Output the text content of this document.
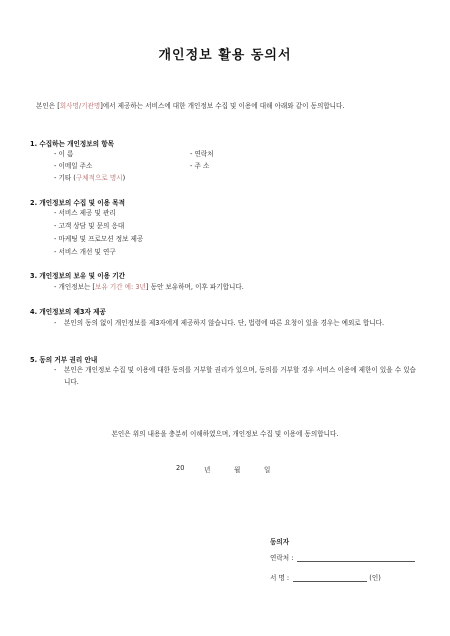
개인정보 활용 동의서
본인은 [회사명/기관명]에서 제공하는 서비스에 대한 개인정보 수집 및 이용에 대해 아래와 같이 동의합니다.
1. 수집하는 개인정보의 항목
- 이 름	- 연락처
- 이메일 주소	- 주 소
- 기타 (구체적으로 명시)
2. 개인정보의 수집 및 이용 목적
- 서비스 제공 및 관리
- 고객 상담 및 문의 응대
- 마케팅 및 프로모션 정보 제공
- 서비스 개선 및 연구
3. 개인정보의 보유 및 이용 기간
- 개인정보는 [보유 기간 예: 3년] 동안 보유하며, 이후 파기합니다.
4. 개인정보의 제3자 제공
- 본인의 동의 없이 개인정보를 제3자에게 제공하지 않습니다. 단, 법령에 따른 요청이 있을 경우는 예외로 합니다.
5. 동의 거부 권리 안내
- 본인은 개인정보 수집 및 이용에 대한 동의를 거부할 권리가 있으며, 동의를 거부할 경우 서비스 이용에 제한이 있을 수 있습니다.
본인은 위의 내용을 충분히 이해하였으며, 개인정보 수집 및 이용에 동의합니다.
20	년	월	일
동의자
연락처 :
서 명 :	(인)
